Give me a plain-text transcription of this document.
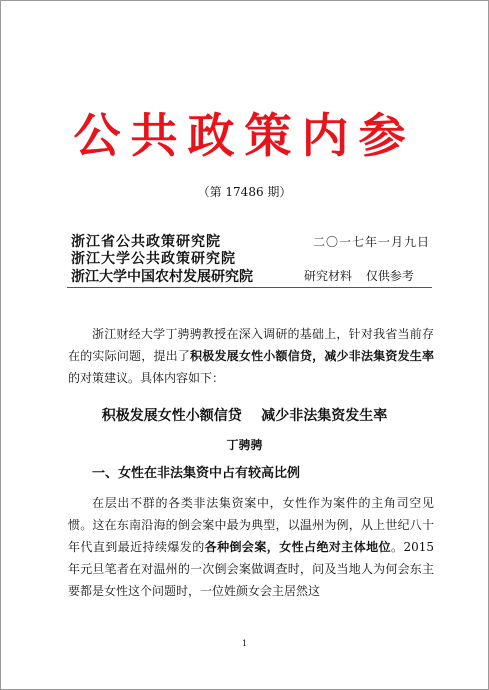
公共政策内参
（第 17486 期）
浙江省公共政策研究院
浙江大学公共政策研究院
浙江大学中国农村发展研究院
二〇一七年一月九日
研究材料 仅供参考

浙江财经大学丁骋骋教授在深入调研的基础上，针对我省当前存在的实际问题，提出了积极发展女性小额信贷，减少非法集资发生率的对策建议。具体内容如下：

积极发展女性小额信贷    减少非法集资发生率
丁骋骋
一、女性在非法集资中占有较高比例

在层出不群的各类非法集资案中，女性作为案件的主角司空见惯。这在东南沿海的倒会案中最为典型，以温州为例，从上世纪八十年代直到最近持续爆发的各种倒会案，女性占绝对主体地位。2015 年元旦笔者在对温州的一次倒会案做调查时，问及当地人为何会东主要都是女性这个问题时，一位姓颜女会主居然这

1
